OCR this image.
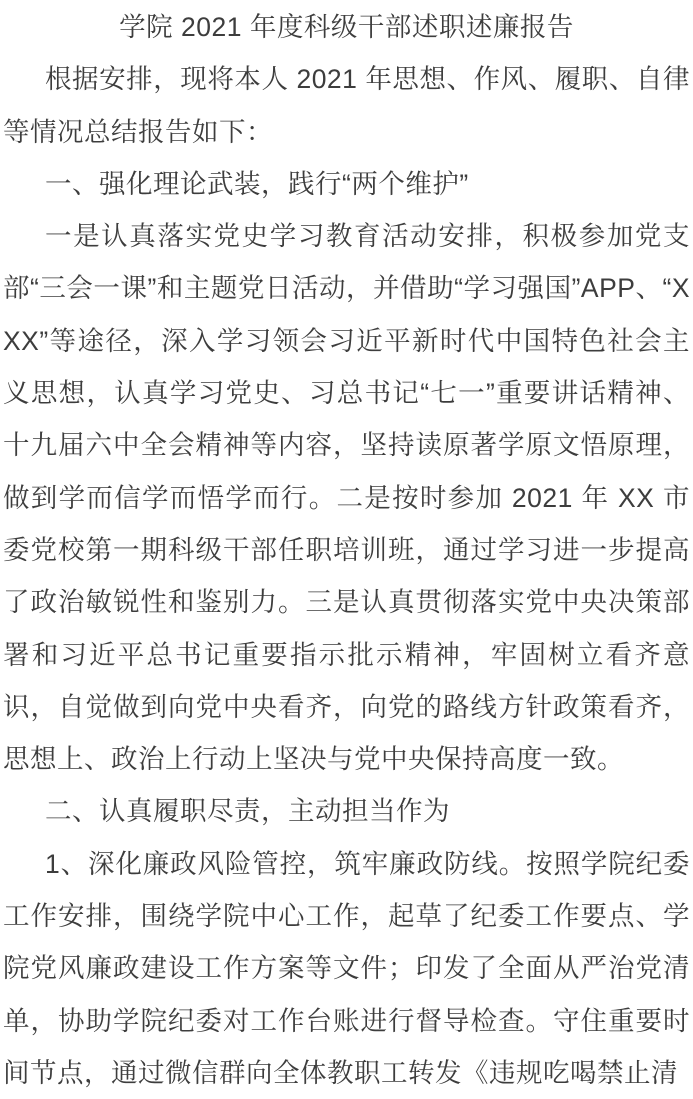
学院 2021 年度科级干部述职述廉报告

根据安排，现将本人 2021 年思想、作风、履职、自律等情况总结报告如下：

一、强化理论武装，践行“两个维护”

一是认真落实党史学习教育活动安排，积极参加党支部“三会一课”和主题党日活动，并借助“学习强国”APP、“XXX”等途径，深入学习领会习近平新时代中国特色社会主义思想，认真学习党史、习总书记“七一”重要讲话精神、十九届六中全会精神等内容，坚持读原著学原文悟原理，做到学而信学而悟学而行。二是按时参加 2021 年 XX 市委党校第一期科级干部任职培训班，通过学习进一步提高了政治敏锐性和鉴别力。三是认真贯彻落实党中央决策部署和习近平总书记重要指示批示精神，牢固树立看齐意识，自觉做到向党中央看齐，向党的路线方针政策看齐，思想上、政治上行动上坚决与党中央保持高度一致。

二、认真履职尽责，主动担当作为

1、深化廉政风险管控，筑牢廉政防线。按照学院纪委工作安排，围绕学院中心工作，起草了纪委工作要点、学院党风廉政建设工作方案等文件；印发了全面从严治党清单，协助学院纪委对工作台账进行督导检查。守住重要时间节点，通过微信群向全体教职工转发《违规吃喝禁止清
